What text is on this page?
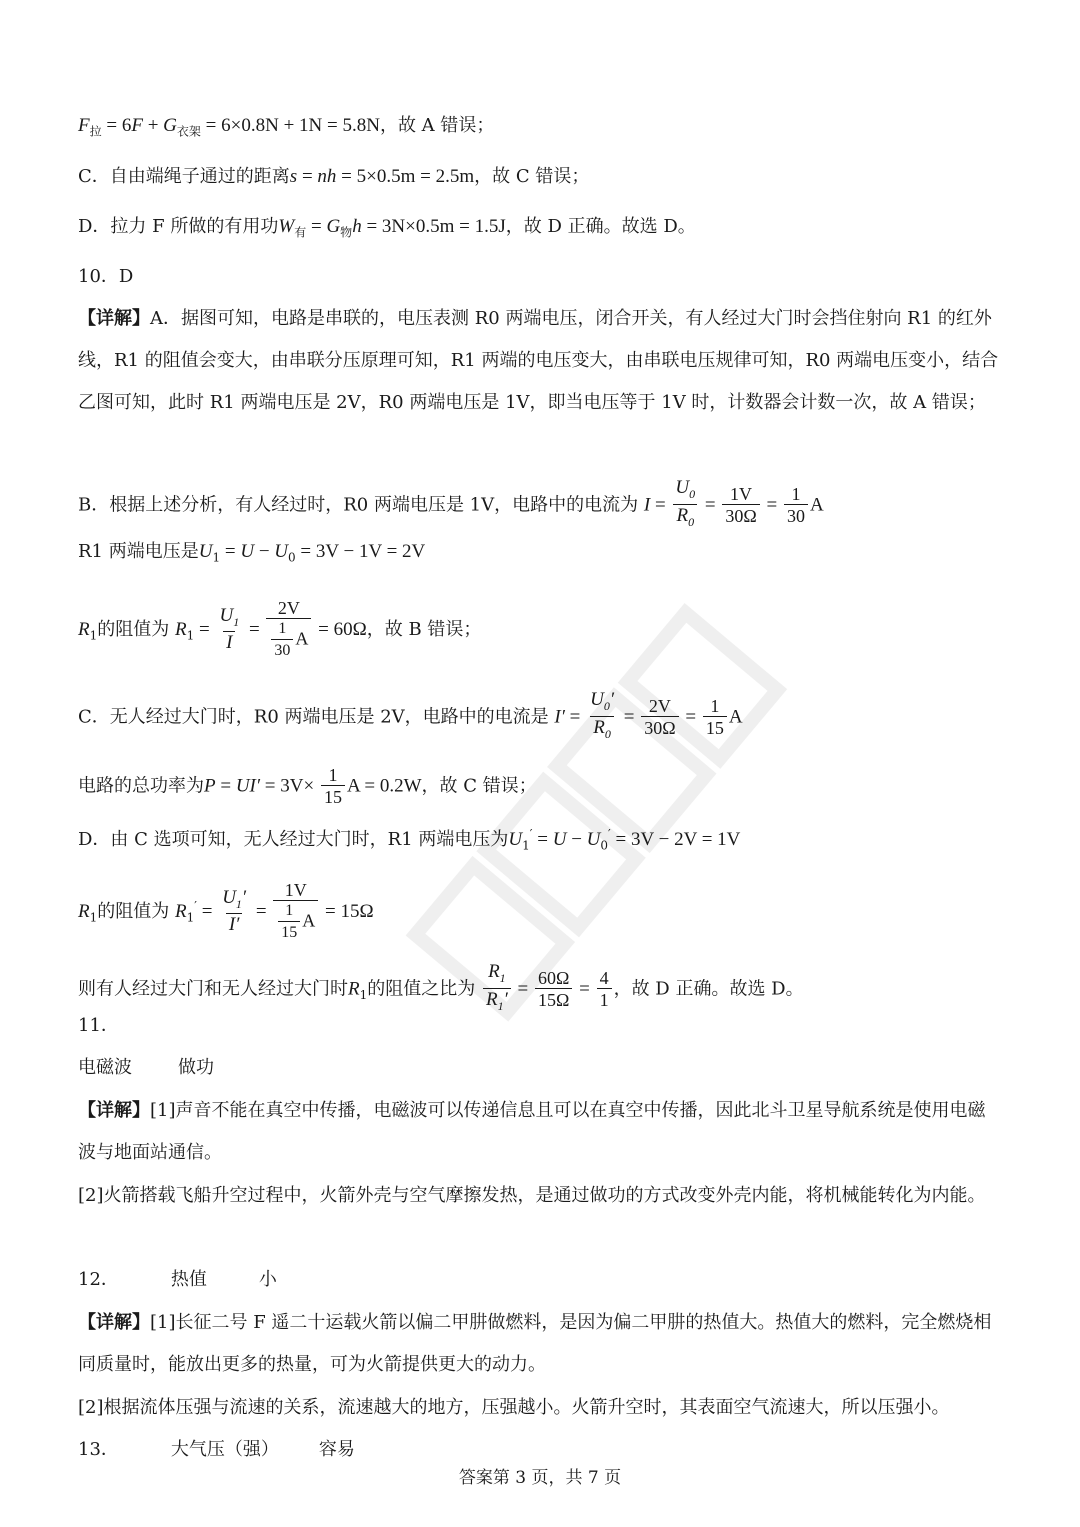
$F_拉 = 6F + G_{衣架} = 6\times 0.8N + 1N = 5.8N$，故 A 错误；
C．自由端绳子通过的距离s = nh = 5×0.5m = 2.5m，故 C 错误；
D．拉力 F 所做的有用功$W_有 = G_物h = 3N\times 0.5m = 1.5J$，故 D 正确。故选 D。
10．D
【详解】A．据图可知，电路是串联的，电压表测 R0 两端电压，闭合开关，有人经过大门时会挡住射向 R1 的红外线，R1 的阻值会变大，由串联分压原理可知，R1 两端的电压变大，由串联电压规律可知，R0 两端电压变小，结合乙图可知，此时 R1 两端电压是 2V，R0 两端电压是 1V，即当电压等于 1V 时，计数器会计数一次，故 A 错误；
B．根据上述分析，有人经过时，R0 两端电压是 1V，电路中的电流为 $I = \frac{U_0}{R_0} = \frac{1V}{30\Omega} = \frac{1}{30}$ A
R1 两端电压是$U_1 = U - U_0 = 3V - 1V = 2V$
$R_1$的阻值为 $R_1 = \frac{U_1}{I} = \frac{2V}{\frac{1}{30} A} = 60\Omega$，故 B 错误；
C．无人经过大门时，R0 两端电压是 2V，电路中的电流是 $I' = \frac{U_0'}{R_0} = \frac{2V}{30\Omega} = \frac{1}{15}$ A
电路的总功率为$P = UI' = 3V\times \frac{1}{15}$ A = 0.2W，故 C 错误；
D．由 C 选项可知，无人经过大门时，R1 两端电压为$U_1' = U - U_0' = 3V - 2V = 1V$
$R_1$的阻值为 $R_1' = \frac{U_1'}{I'} = \frac{1V}{\frac{1}{15} A} = 15\Omega$
则有人经过大门和无人经过大门时$R_1$的阻值之比为 $\frac{R_1}{R_1'} = \frac{60\Omega}{15\Omega} = \frac{4}{1}$ ，故 D 正确。故选 D。
11．
电磁波	做功
【详解】[1]声音不能在真空中传播，电磁波可以传递信息且可以在真空中传播，因此北斗卫星导航系统是使用电磁波与地面站通信。
[2]火箭搭载飞船升空过程中，火箭外壳与空气摩擦发热，是通过做功的方式改变外壳内能，将机械能转化为内能。
12．	热值	小
【详解】[1]长征二号 F 遥二十运载火箭以偏二甲肼做燃料，是因为偏二甲肼的热值大。热值大的燃料，完全燃烧相同质量时，能放出更多的热量，可为火箭提供更大的动力。
[2]根据流体压强与流速的关系，流速越大的地方，压强越小。火箭升空时，其表面空气流速大，所以压强小。
13．	大气压（强） 容易
答案第 3 页，共 7 页
